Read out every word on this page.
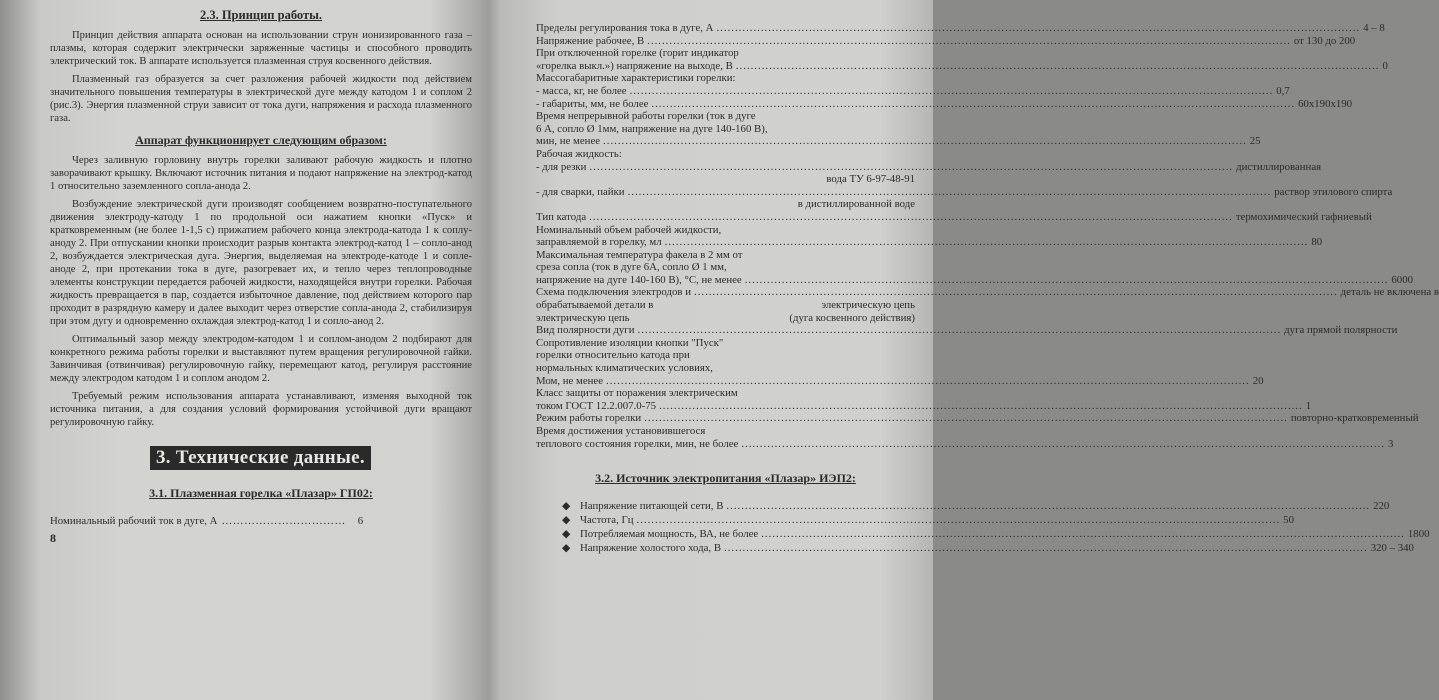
2.3. Принцип работы.

Принцип действия аппарата основан на использовании струн ионизированного газа – плазмы, которая содержит электрически заряженные частицы и способного проводить электрический ток. В аппарате используется плазменная струя косвенного действия.

Плазменный газ образуется за счет разложения рабочей жидкости под действием значительного повышения температуры в электрической дуге между катодом 1 и соплом 2 (рис.3). Энергия плазменной струи зависит от тока дуги, напряжения и расхода плазменного газа.

Аппарат функционирует следующим образом:

Через заливную горловину внутрь горелки заливают рабочую жидкость и плотно заворачивают крышку. Включают источник питания и подают напряжение на электрод-катод 1 относительно заземленного сопла-анода 2.

Возбуждение электрической дуги производят сообщением возвратно-поступательного движения электроду-катоду 1 по продольной оси нажатием кнопки «Пуск» и кратковременным (не более 1-1,5 с) прижатием рабочего конца электрода-катода 1 к соплу-аноду 2. При отпускании кнопки происходит разрыв контакта электрод-катод 1 – сопло-анод 2, возбуждается электрическая дуга. Энергия, выделяемая на электроде-катоде 1 и сопле-аноде 2, при протекании тока в дуге, разогревает их, и тепло через теплопроводные элементы конструкции передается рабочей жидкости, находящейся внутри горелки. Рабочая жидкость превращается в пар, создается избыточное давление, под действием которого пар проходит в разрядную камеру и далее выходит через отверстие сопла-анода 2, стабилизируя при этом дугу и одновременно охлаждая электрод-катод 1 и сопло-анод 2.

Оптимальный зазор между электродом-катодом 1 и соплом-анодом 2 подбирают для конкретного режима работы горелки и выставляют путем вращения регулировочной гайки. Завинчивая (отвинчивая) регулировочную гайку, перемещают катод, регулируя расстояние между электродом катодом 1 и соплом анодом 2.

Требуемый режим использования аппарата устанавливают, изменяя выходной ток источника питания, а для создания условий формирования устойчивой дуги вращают регулировочную гайку.

3. Технические данные.
3.1. Плазменная горелка «Плазар» ГП02:
Номинальный рабочий ток в дуге, А …………………………… 6
8
Пределы регулирования тока в дуге, А .....	4 – 8
Напряжение рабочее, В .....	от 130 до 200
При отключенной горелке (горит индикатор
«горелка выкл.») напряжение на выходе, В .....	0
Массогабаритные характеристики горелки:
- масса, кг, не более .....	0,7
- габариты, мм, не более .....	60х190х190
Время непрерывной работы горелки (ток в дуге
6 А, сопло Ø 1мм, напряжение на дуге 140-160 В),
мин, не менее .....	25
Рабочая жидкость:
- для резки .....	дистиллированная
вода ТУ 6-97-48-91
- для сварки, пайки .....	раствор этилового спирта
в дистиллированной воде
Тип катода .....	термохимический гафниевый
Номинальный объем рабочей жидкости,
заправляемой в горелку, мл .....	80
Максимальная температура факела в 2 мм от
среза сопла (ток в дуге 6А, сопло Ø 1 мм,
напряжение на дуге 140-160 В), °С, не менее .....	6000
Схема подключения электродов и .....	деталь не включена в
обрабатываемой детали в	электрическую цепь
электрическую цепь	(дуга косвенного действия)
Вид полярности дуги .....	дуга прямой полярности
Сопротивление изоляции кнопки "Пуск"
горелки относительно катода при
нормальных климатических условиях,
Мом, не менее .....	20
Класс защиты от поражения электрическим
током ГОСТ 12.2.007.0-75 .....	1
Режим работы горелки .....	повторно-кратковременный
Время достижения установившегося
теплового состояния горелки, мин, не более .....	3
3.2. Источник электропитания «Плазар» ИЭП2:
◆ Напряжение питающей сети, В .....	220
◆ Частота, Гц .....	50
◆ Потребляемая мощность, ВА, не более .....	1800
◆ Напряжение холостого хода, В .....	320 – 340
